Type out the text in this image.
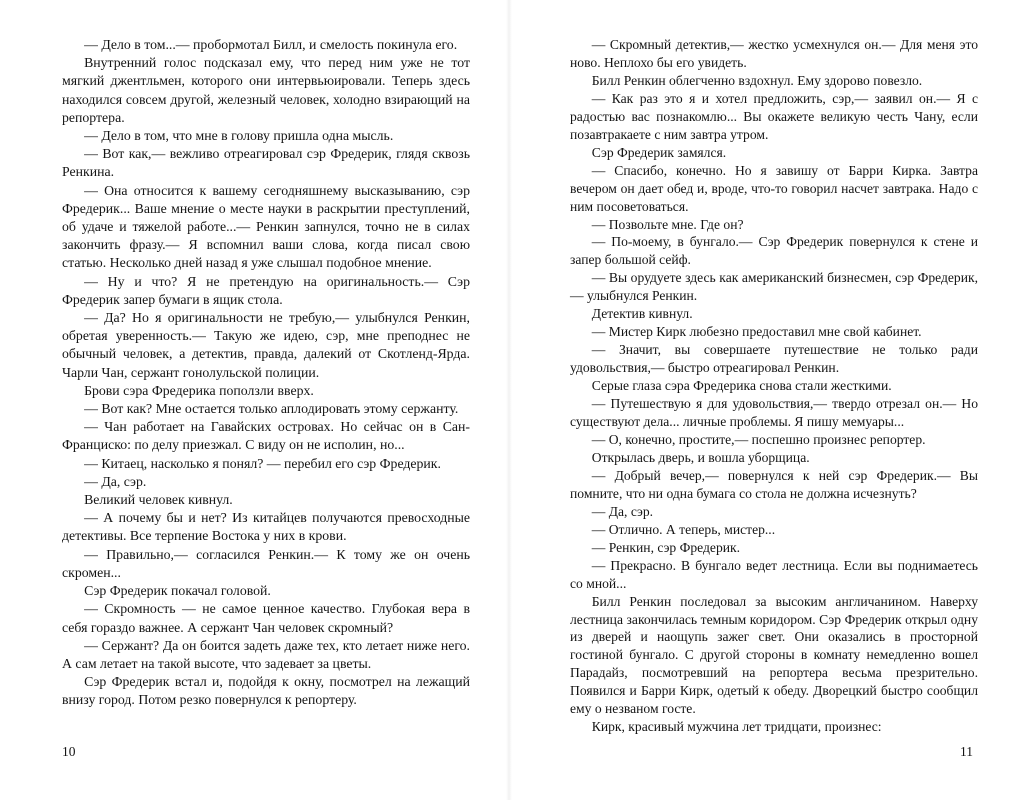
— Дело в том...— пробормотал Билл, и смелость покинула его.

Внутренний голос подсказал ему, что перед ним уже не тот мягкий джентльмен, которого они интервьюировали. Теперь здесь находился совсем другой, железный человек, холодно взирающий на репортера.

— Дело в том, что мне в голову пришла одна мысль.

— Вот как,— вежливо отреагировал сэр Фредерик, глядя сквозь Ренкина.

— Она относится к вашему сегодняшнему высказыванию, сэр Фредерик... Ваше мнение о месте науки в раскрытии преступлений, об удаче и тяжелой работе...— Ренкин запнулся, точно не в силах закончить фразу.— Я вспомнил ваши слова, когда писал свою статью. Несколько дней назад я уже слышал подобное мнение.

— Ну и что? Я не претендую на оригинальность.— Сэр Фредерик запер бумаги в ящик стола.

— Да? Но я оригинальности не требую,— улыбнулся Ренкин, обретая уверенность.— Такую же идею, сэр, мне преподнес не обычный человек, а детектив, правда, далекий от Скотленд-Ярда. Чарли Чан, сержант гонолульской полиции.

Брови сэра Фредерика поползли вверх.

— Вот как? Мне остается только аплодировать этому сержанту.

— Чан работает на Гавайских островах. Но сейчас он в Сан-Франциско: по делу приезжал. С виду он не исполин, но...

— Китаец, насколько я понял? — перебил его сэр Фредерик.

— Да, сэр.

Великий человек кивнул.

— А почему бы и нет? Из китайцев получаются превосходные детективы. Все терпение Востока у них в крови.

— Правильно,— согласился Ренкин.— К тому же он очень скромен...

Сэр Фредерик покачал головой.

— Скромность — не самое ценное качество. Глубокая вера в себя гораздо важнее. А сержант Чан человек скромный?

— Сержант? Да он боится задеть даже тех, кто летает ниже него. А сам летает на такой высоте, что задевает за цветы.

Сэр Фредерик встал и, подойдя к окну, посмотрел на лежащий внизу город. Потом резко повернулся к репортеру.

— Скромный детектив,— жестко усмехнулся он.— Для меня это ново. Неплохо бы его увидеть.

Билл Ренкин облегченно вздохнул. Ему здорово повезло.

— Как раз это я и хотел предложить, сэр,— заявил он.— Я с радостью вас познакомлю... Вы окажете великую честь Чану, если позавтракаете с ним завтра утром.

Сэр Фредерик замялся.

— Спасибо, конечно. Но я завишу от Барри Кирка. Завтра вечером он дает обед и, вроде, что-то говорил насчет завтрака. Надо с ним посоветоваться.

— Позвольте мне. Где он?

— По-моему, в бунгало.— Сэр Фредерик повернулся к стене и запер большой сейф.

— Вы орудуете здесь как американский бизнесмен, сэр Фредерик,— улыбнулся Ренкин.

Детектив кивнул.

— Мистер Кирк любезно предоставил мне свой кабинет.

— Значит, вы совершаете путешествие не только ради удовольствия,— быстро отреагировал Ренкин.

Серые глаза сэра Фредерика снова стали жесткими.

— Путешествую я для удовольствия,— твердо отрезал он.— Но существуют дела... личные проблемы. Я пишу мемуары...

— О, конечно, простите,— поспешно произнес репортер.

Открылась дверь, и вошла уборщица.

— Добрый вечер,— повернулся к ней сэр Фредерик.— Вы помните, что ни одна бумага со стола не должна исчезнуть?

— Да, сэр.

— Отлично. А теперь, мистер...

— Ренкин, сэр Фредерик.

— Прекрасно. В бунгало ведет лестница. Если вы поднимаетесь со мной...

Билл Ренкин последовал за высоким англичанином. Наверху лестница закончилась темным коридором. Сэр Фредерик открыл одну из дверей и наощупь зажег свет. Они оказались в просторной гостиной бунгало. С другой стороны в комнату немедленно вошел Парадайз, посмотревший на репортера весьма презрительно. Появился и Барри Кирк, одетый к обеду. Дворецкий быстро сообщил ему о незваном госте.

Кирк, красивый мужчина лет тридцати, произнес:

10	11
